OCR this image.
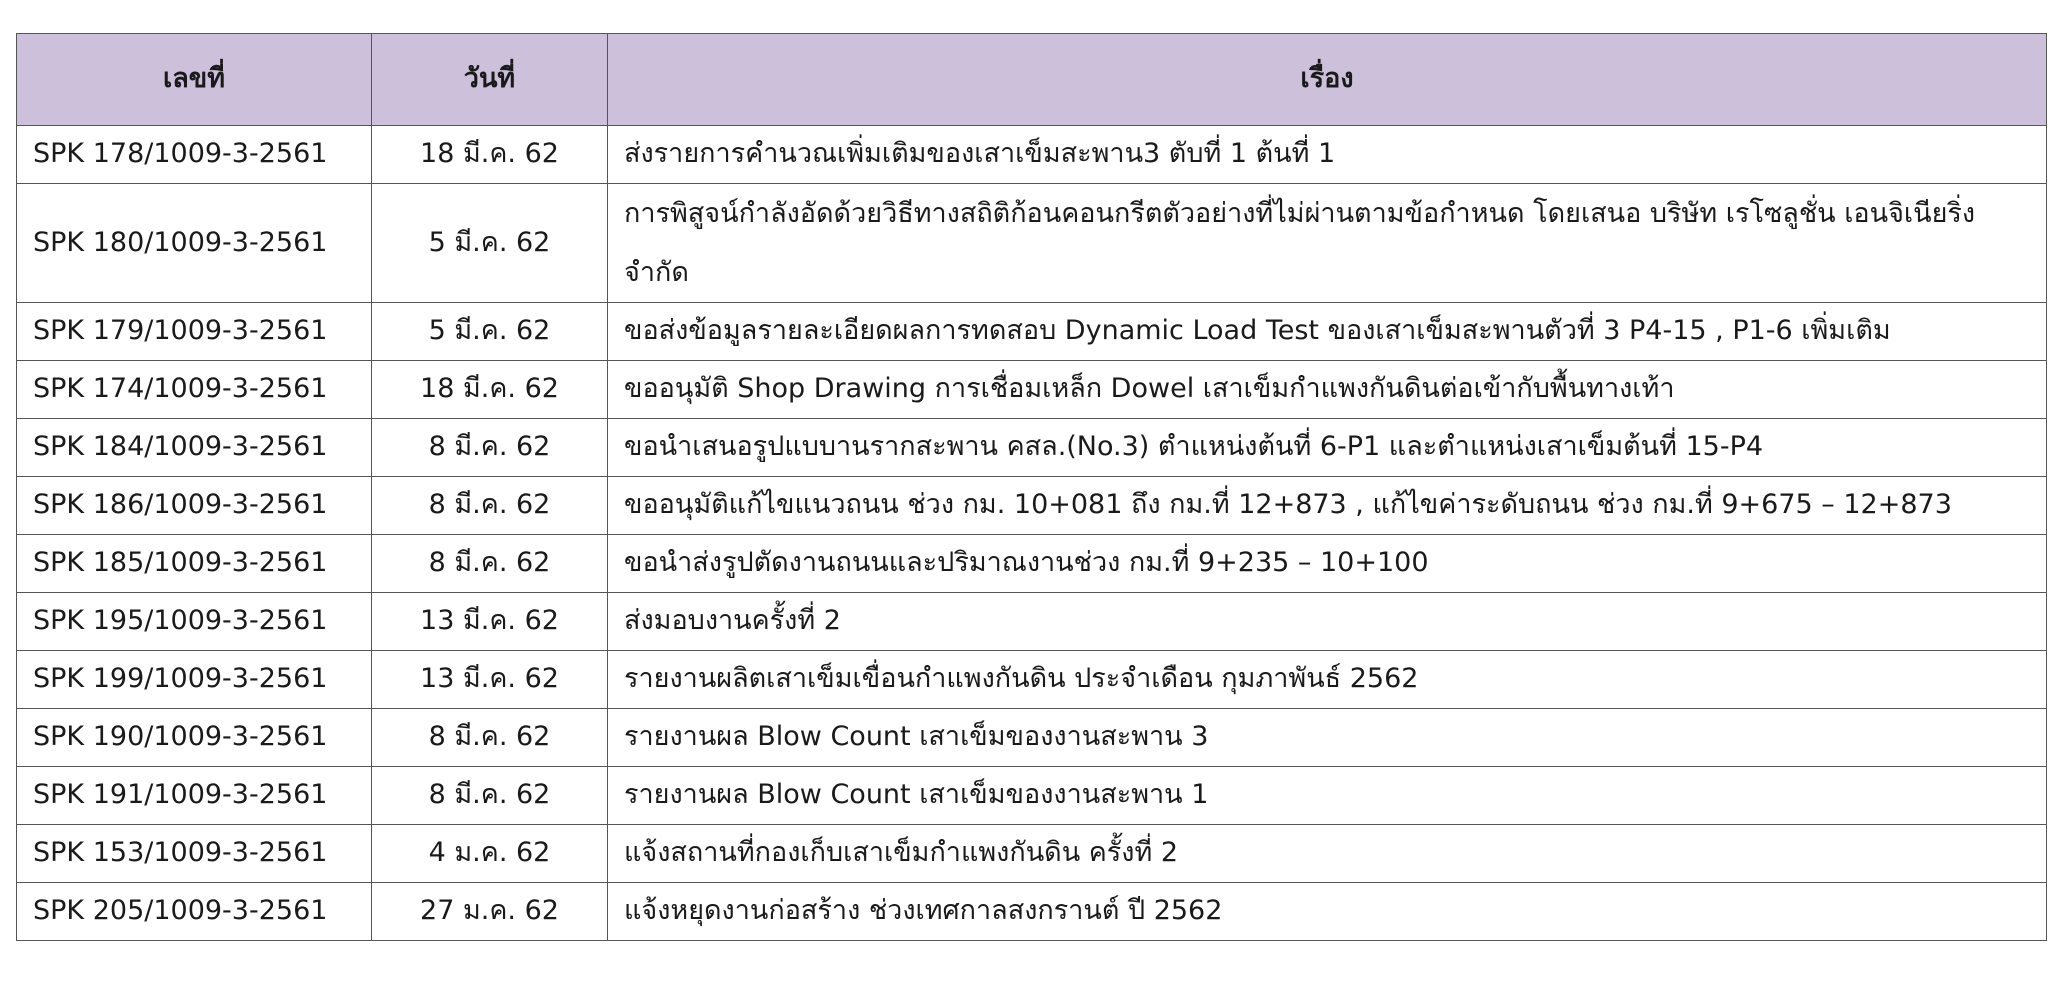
เลขที่	วันที่	เรื่อง
SPK 178/1009-3-2561	18 มี.ค. 62	ส่งรายการคำนวณเพิ่มเติมของเสาเข็มสะพาน3 ตับที่ 1 ต้นที่ 1
SPK 180/1009-3-2561	5 มี.ค. 62	การพิสูจน์กำลังอัดด้วยวิธีทางสถิติก้อนคอนกรีตตัวอย่างที่ไม่ผ่านตามข้อกำหนด โดยเสนอ บริษัท เรโซลูชั่น เอนจิเนียริ่ง จำกัด
SPK 179/1009-3-2561	5 มี.ค. 62	ขอส่งข้อมูลรายละเอียดผลการทดสอบ Dynamic Load Test ของเสาเข็มสะพานตัวที่ 3 P4-15 , P1-6 เพิ่มเติม
SPK 174/1009-3-2561	18 มี.ค. 62	ขออนุมัติ Shop Drawing การเชื่อมเหล็ก Dowel เสาเข็มกำแพงกันดินต่อเข้ากับพื้นทางเท้า
SPK 184/1009-3-2561	8 มี.ค. 62	ขอนำเสนอรูปแบบานรากสะพาน คสล.(No.3) ตำแหน่งต้นที่ 6-P1 และตำแหน่งเสาเข็มต้นที่ 15-P4
SPK 186/1009-3-2561	8 มี.ค. 62	ขออนุมัติแก้ไขแนวถนน ช่วง กม. 10+081 ถึง กม.ที่ 12+873 , แก้ไขค่าระดับถนน ช่วง กม.ที่ 9+675 – 12+873
SPK 185/1009-3-2561	8 มี.ค. 62	ขอนำส่งรูปตัดงานถนนและปริมาณงานช่วง กม.ที่ 9+235 – 10+100
SPK 195/1009-3-2561	13 มี.ค. 62	ส่งมอบงานครั้งที่ 2
SPK 199/1009-3-2561	13 มี.ค. 62	รายงานผลิตเสาเข็มเขื่อนกำแพงกันดิน ประจำเดือน กุมภาพันธ์ 2562
SPK 190/1009-3-2561	8 มี.ค. 62	รายงานผล Blow Count เสาเข็มของงานสะพาน 3
SPK 191/1009-3-2561	8 มี.ค. 62	รายงานผล Blow Count เสาเข็มของงานสะพาน 1
SPK 153/1009-3-2561	4 ม.ค. 62	แจ้งสถานที่กองเก็บเสาเข็มกำแพงกันดิน ครั้งที่ 2
SPK 205/1009-3-2561	27 ม.ค. 62	แจ้งหยุดงานก่อสร้าง ช่วงเทศกาลสงกรานต์ ปี 2562
